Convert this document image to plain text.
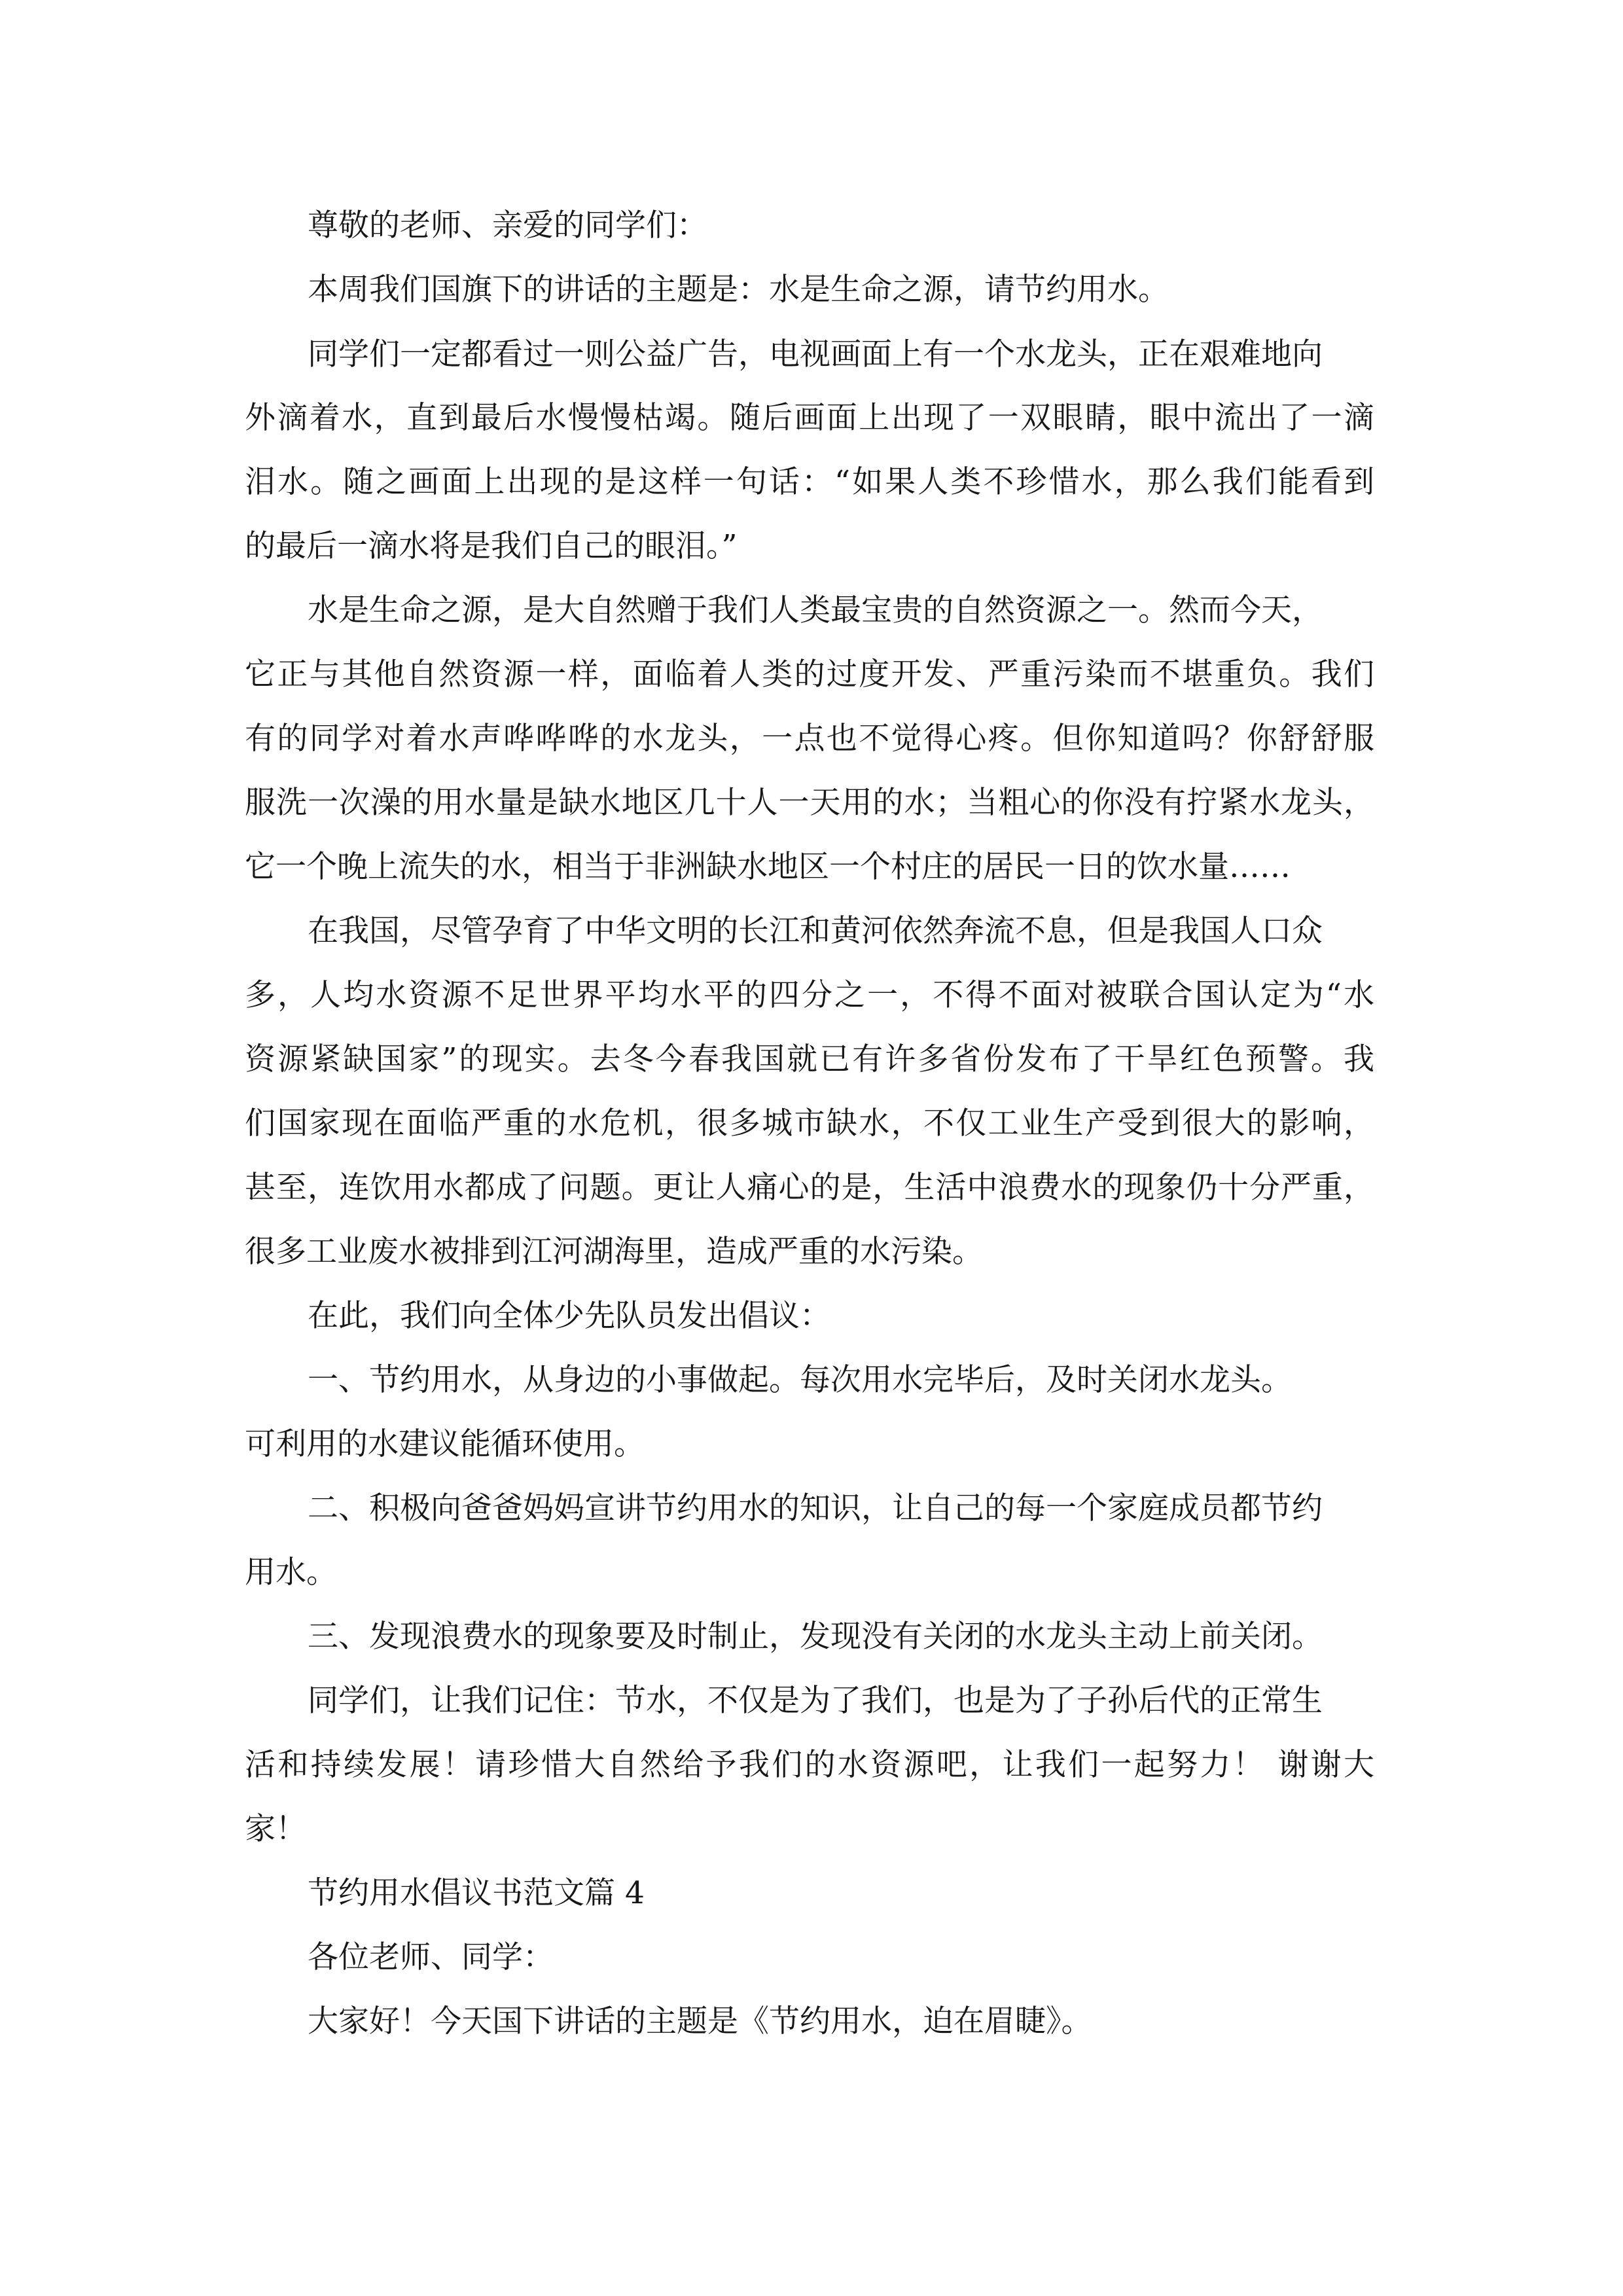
尊敬的老师、亲爱的同学们：
本周我们国旗下的讲话的主题是：水是生命之源，请节约用水。
同学们一定都看过一则公益广告，电视画面上有一个水龙头，正在艰难地向
外滴着水，直到最后水慢慢枯竭。随后画面上出现了一双眼睛，眼中流出了一滴
泪水。随之画面上出现的是这样一句话：“如果人类不珍惜水，那么我们能看到
的最后一滴水将是我们自己的眼泪。”
水是生命之源，是大自然赠于我们人类最宝贵的自然资源之一。然而今天，
它正与其他自然资源一样，面临着人类的过度开发、严重污染而不堪重负。我们
有的同学对着水声哗哗哗的水龙头，一点也不觉得心疼。但你知道吗？你舒舒服
服洗一次澡的用水量是缺水地区几十人一天用的水；当粗心的你没有拧紧水龙头，
它一个晚上流失的水，相当于非洲缺水地区一个村庄的居民一日的饮水量……
在我国，尽管孕育了中华文明的长江和黄河依然奔流不息，但是我国人口众
多，人均水资源不足世界平均水平的四分之一，不得不面对被联合国认定为“水
资源紧缺国家”的现实。去冬今春我国就已有许多省份发布了干旱红色预警。我
们国家现在面临严重的水危机，很多城市缺水，不仅工业生产受到很大的影响，
甚至，连饮用水都成了问题。更让人痛心的是，生活中浪费水的现象仍十分严重，
很多工业废水被排到江河湖海里，造成严重的水污染。
在此，我们向全体少先队员发出倡议：
一、节约用水，从身边的小事做起。每次用水完毕后，及时关闭水龙头。
可利用的水建议能循环使用。
二、积极向爸爸妈妈宣讲节约用水的知识，让自己的每一个家庭成员都节约
用水。
三、发现浪费水的现象要及时制止，发现没有关闭的水龙头主动上前关闭。
同学们，让我们记住：节水，不仅是为了我们，也是为了子孙后代的正常生
活和持续发展！请珍惜大自然给予我们的水资源吧，让我们一起努力！ 谢谢大
家！
节约用水倡议书范文篇 4
各位老师、同学：
大家好！今天国下讲话的主题是《节约用水，迫在眉睫》。
